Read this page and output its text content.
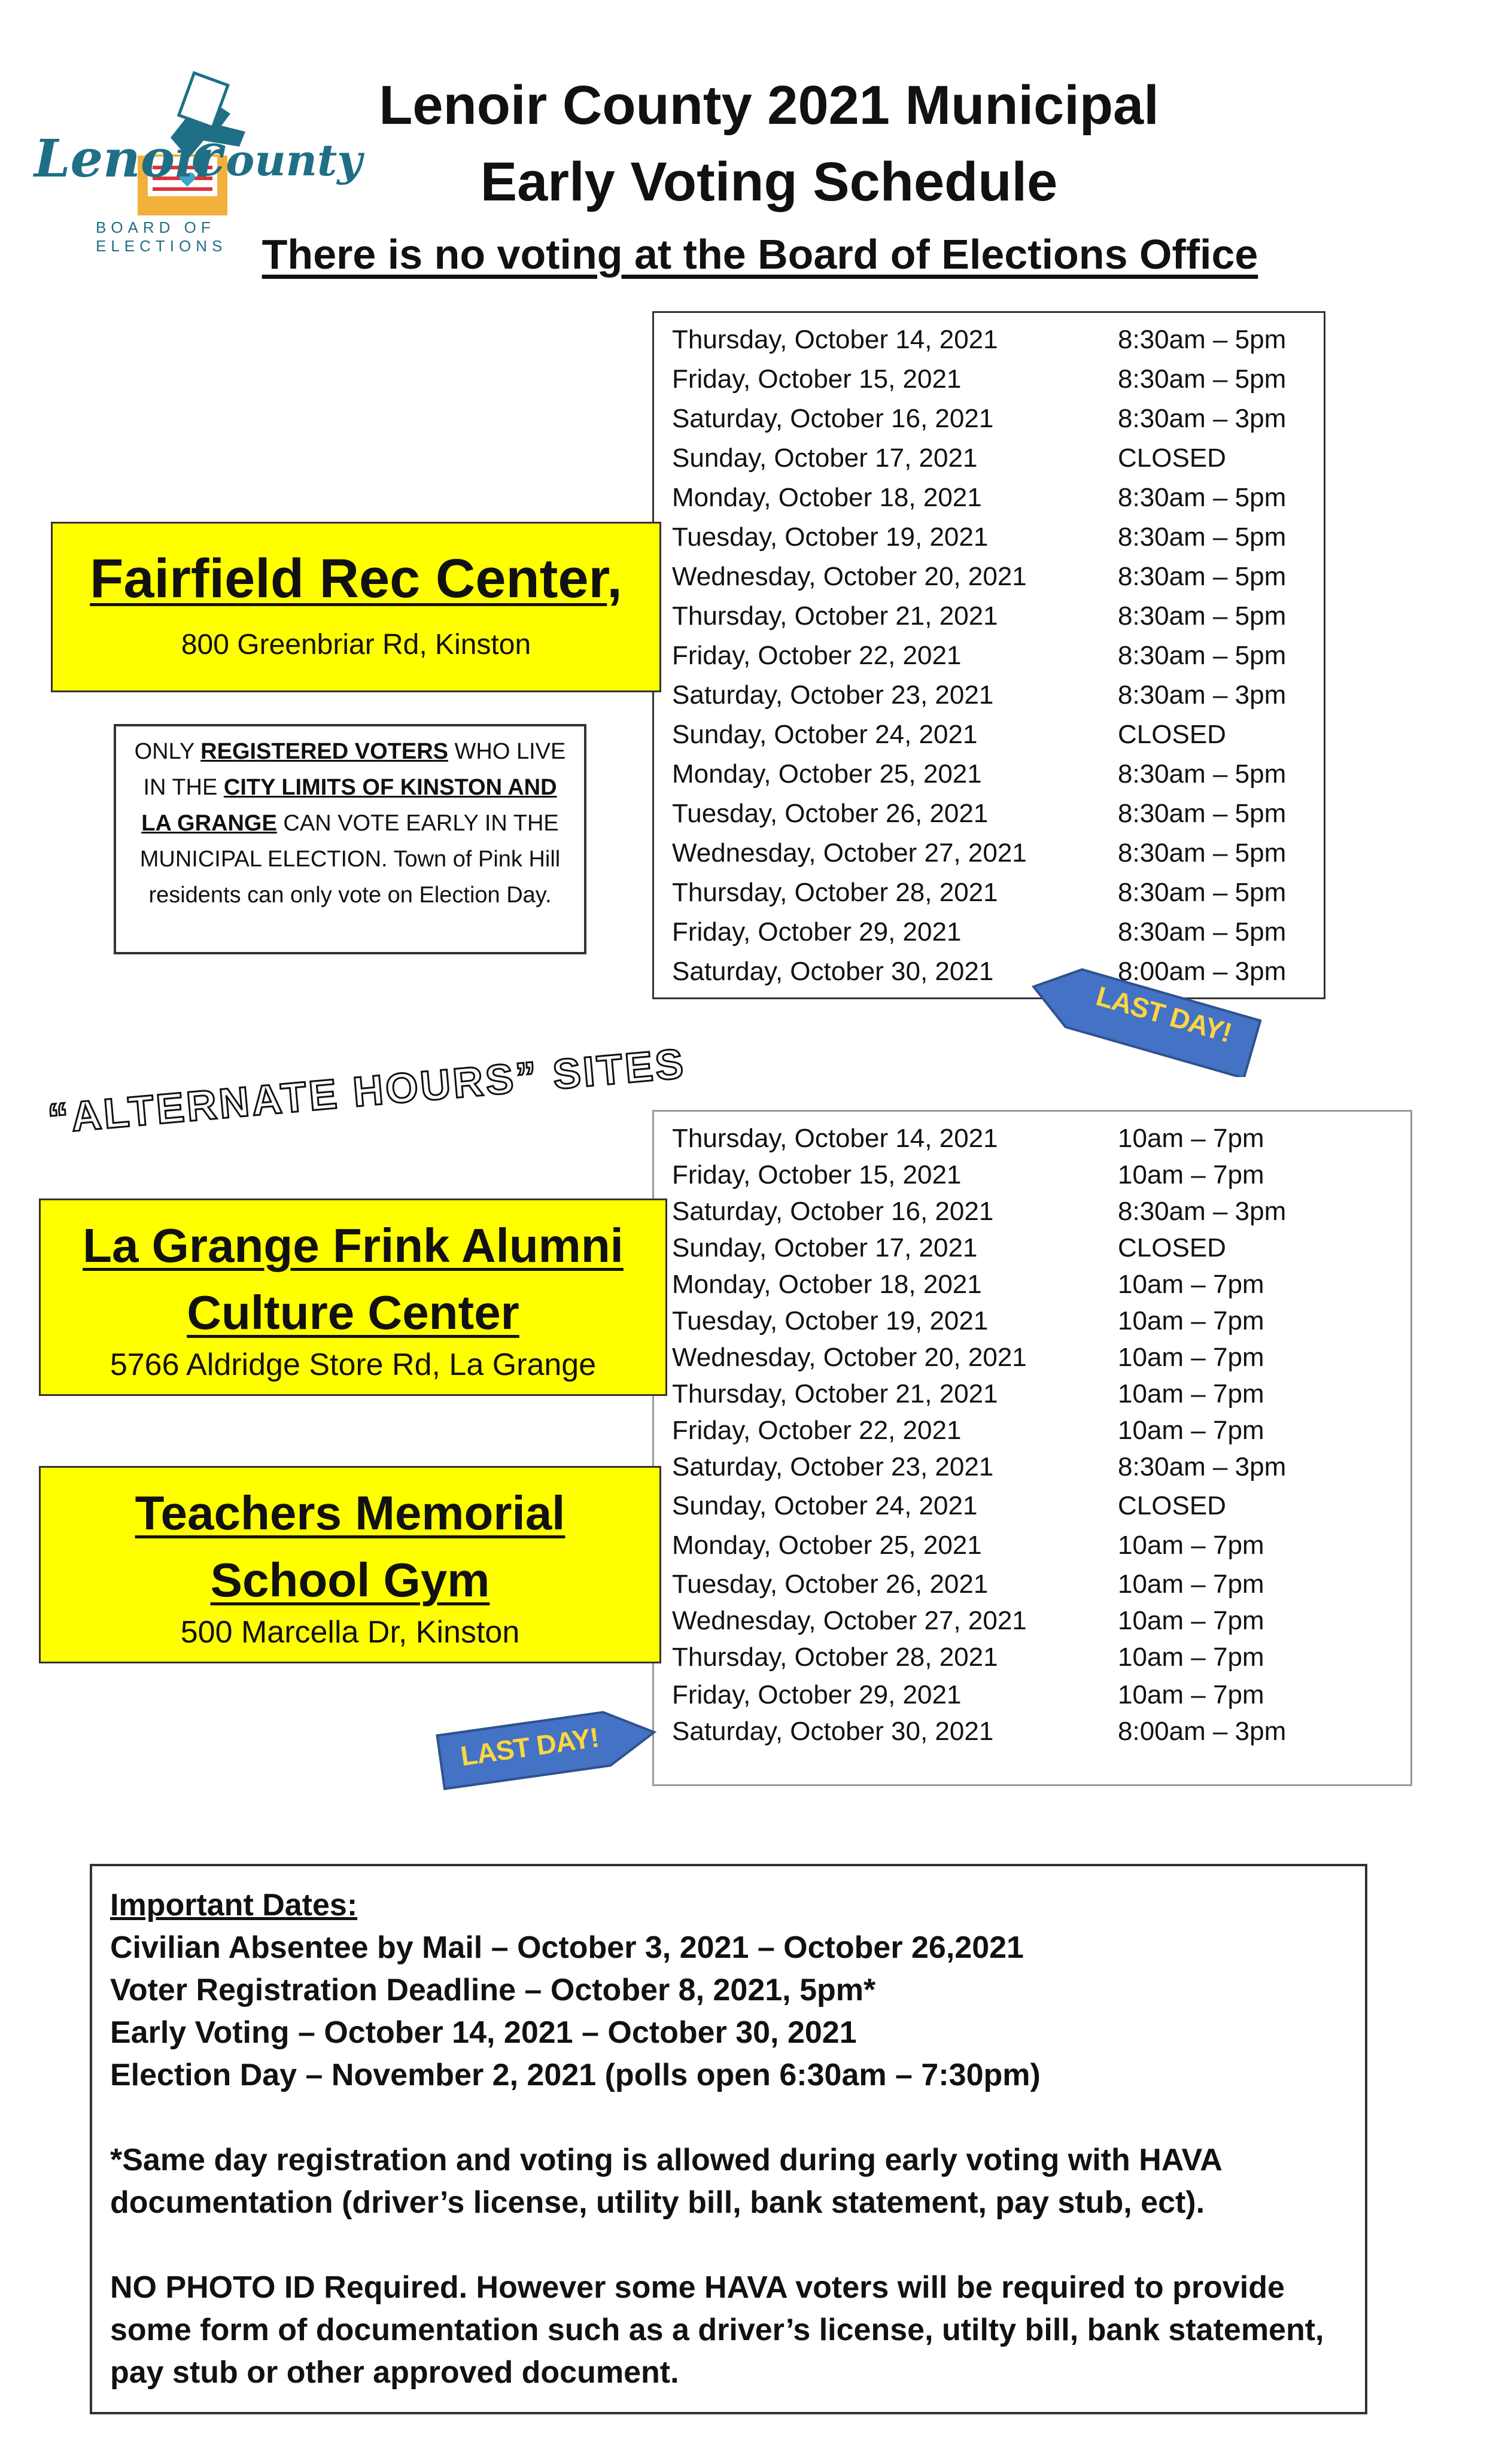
Lenoir
County
BOARD OF ELECTIONS
Lenoir County 2021 Municipal
Early Voting Schedule
There is no voting at the Board of Elections Office
Thursday, October 14, 2021	8:30am – 5pm
Friday, October 15, 2021	8:30am – 5pm
Saturday, October 16, 2021	8:30am – 3pm
Sunday, October 17, 2021	CLOSED
Monday, October 18, 2021	8:30am – 5pm
Tuesday, October 19, 2021	8:30am – 5pm
Wednesday, October 20, 2021	8:30am – 5pm
Thursday, October 21, 2021	8:30am – 5pm
Friday, October 22, 2021	8:30am – 5pm
Saturday, October 23, 2021	8:30am – 3pm
Sunday, October 24, 2021	CLOSED
Monday, October 25, 2021	8:30am – 5pm
Tuesday, October 26, 2021	8:30am – 5pm
Wednesday, October 27, 2021	8:30am – 5pm
Thursday, October 28, 2021	8:30am – 5pm
Friday, October 29, 2021	8:30am – 5pm
Saturday, October 30, 2021	8:00am – 3pm
LAST DAY!
Fairfield Rec Center,
800 Greenbriar Rd, Kinston
ONLY REGISTERED VOTERS WHO LIVE IN THE CITY LIMITS OF KINSTON AND LA GRANGE CAN VOTE EARLY IN THE MUNICIPAL ELECTION. Town of Pink Hill residents can only vote on Election Day.
“ALTERNATE HOURS” SITES
Thursday, October 14, 2021	10am – 7pm
Friday, October 15, 2021	10am – 7pm
Saturday, October 16, 2021	8:30am – 3pm
Sunday, October 17, 2021	CLOSED
Monday, October 18, 2021	10am – 7pm
Tuesday, October 19, 2021	10am – 7pm
Wednesday, October 20, 2021	10am – 7pm
Thursday, October 21, 2021	10am – 7pm
Friday, October 22, 2021	10am – 7pm
Saturday, October 23, 2021	8:30am – 3pm
Sunday, October 24, 2021	CLOSED
Monday, October 25, 2021	10am – 7pm
Tuesday, October 26, 2021	10am – 7pm
Wednesday, October 27, 2021	10am – 7pm
Thursday, October 28, 2021	10am – 7pm
Friday, October 29, 2021	10am – 7pm
Saturday, October 30, 2021	8:00am – 3pm
La Grange Frink Alumni
Culture Center
5766 Aldridge Store Rd, La Grange
Teachers Memorial
School Gym
500 Marcella Dr, Kinston
LAST DAY!

Important Dates:

Civilian Absentee by Mail – October 3, 2021 – October 26,2021

Voter Registration Deadline – October 8, 2021, 5pm*

Early Voting – October 14, 2021 – October 30, 2021

Election Day – November 2, 2021 (polls open 6:30am – 7:30pm)

*Same day registration and voting is allowed during early voting with HAVA documentation (driver’s license, utility bill, bank statement, pay stub, ect).

NO PHOTO ID Required. However some HAVA voters will be required to provide some form of documentation such as a driver’s license, utilty bill, bank statement, pay stub or other approved document.
